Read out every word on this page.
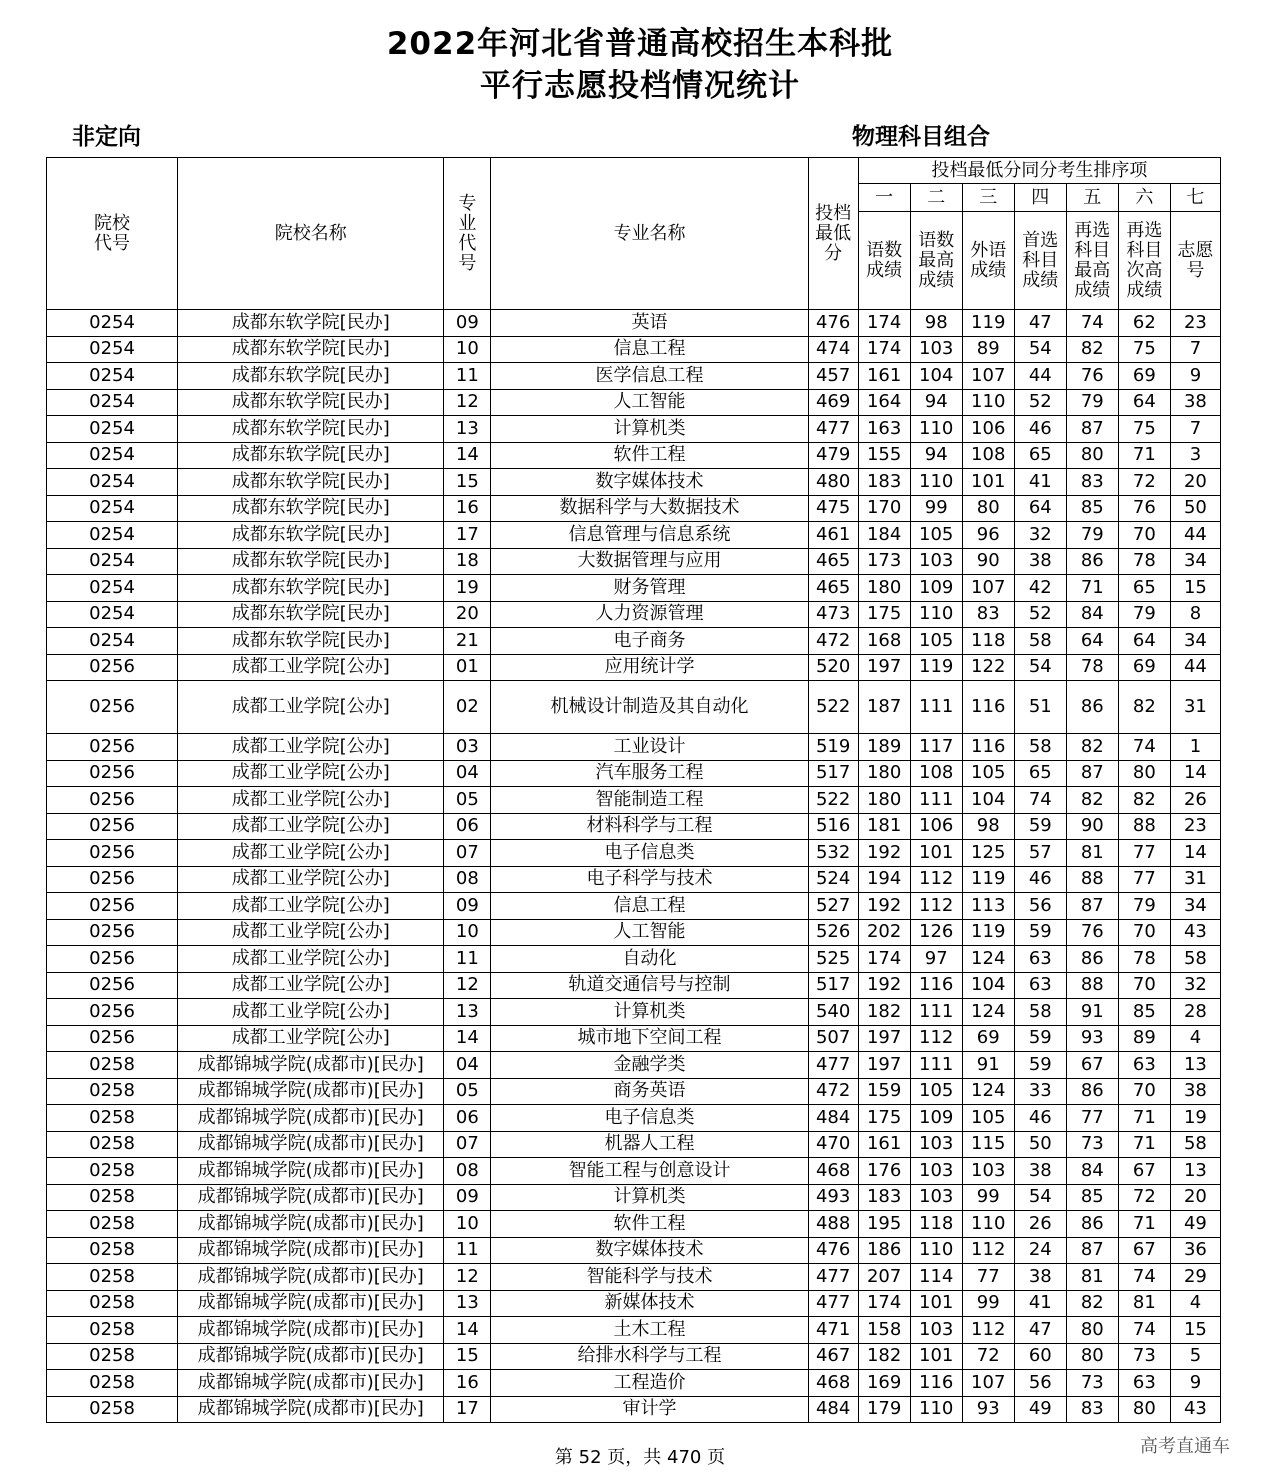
2022年河北省普通高校招生本科批
平行志愿投档情况统计
非定向	物理科目组合
院校代号	院校名称	专业代号	专业名称	投档最低分	投档最低分同分考生排序项						
					一	二	三	四	五	六	七
					语数成绩	语数最高成绩	外语成绩	首选科目成绩	再选科目最高成绩	再选科目次高成绩	志愿号
0254	成都东软学院[民办]	09	英语	476	174	98	119	47	74	62	23
0254	成都东软学院[民办]	10	信息工程	474	174	103	89	54	82	75	7
0254	成都东软学院[民办]	11	医学信息工程	457	161	104	107	44	76	69	9
0254	成都东软学院[民办]	12	人工智能	469	164	94	110	52	79	64	38
0254	成都东软学院[民办]	13	计算机类	477	163	110	106	46	87	75	7
0254	成都东软学院[民办]	14	软件工程	479	155	94	108	65	80	71	3
0254	成都东软学院[民办]	15	数字媒体技术	480	183	110	101	41	83	72	20
0254	成都东软学院[民办]	16	数据科学与大数据技术	475	170	99	80	64	85	76	50
0254	成都东软学院[民办]	17	信息管理与信息系统	461	184	105	96	32	79	70	44
0254	成都东软学院[民办]	18	大数据管理与应用	465	173	103	90	38	86	78	34
0254	成都东软学院[民办]	19	财务管理	465	180	109	107	42	71	65	15
0254	成都东软学院[民办]	20	人力资源管理	473	175	110	83	52	84	79	8
0254	成都东软学院[民办]	21	电子商务	472	168	105	118	58	64	64	34
0256	成都工业学院[公办]	01	应用统计学	520	197	119	122	54	78	69	44
0256	成都工业学院[公办]	02	机械设计制造及其自动化	522	187	111	116	51	86	82	31
0256	成都工业学院[公办]	03	工业设计	519	189	117	116	58	82	74	1
0256	成都工业学院[公办]	04	汽车服务工程	517	180	108	105	65	87	80	14
0256	成都工业学院[公办]	05	智能制造工程	522	180	111	104	74	82	82	26
0256	成都工业学院[公办]	06	材料科学与工程	516	181	106	98	59	90	88	23
0256	成都工业学院[公办]	07	电子信息类	532	192	101	125	57	81	77	14
0256	成都工业学院[公办]	08	电子科学与技术	524	194	112	119	46	88	77	31
0256	成都工业学院[公办]	09	信息工程	527	192	112	113	56	87	79	34
0256	成都工业学院[公办]	10	人工智能	526	202	126	119	59	76	70	43
0256	成都工业学院[公办]	11	自动化	525	174	97	124	63	86	78	58
0256	成都工业学院[公办]	12	轨道交通信号与控制	517	192	116	104	63	88	70	32
0256	成都工业学院[公办]	13	计算机类	540	182	111	124	58	91	85	28
0256	成都工业学院[公办]	14	城市地下空间工程	507	197	112	69	59	93	89	4
0258	成都锦城学院(成都市)[民办]	04	金融学类	477	197	111	91	59	67	63	13
0258	成都锦城学院(成都市)[民办]	05	商务英语	472	159	105	124	33	86	70	38
0258	成都锦城学院(成都市)[民办]	06	电子信息类	484	175	109	105	46	77	71	19
0258	成都锦城学院(成都市)[民办]	07	机器人工程	470	161	103	115	50	73	71	58
0258	成都锦城学院(成都市)[民办]	08	智能工程与创意设计	468	176	103	103	38	84	67	13
0258	成都锦城学院(成都市)[民办]	09	计算机类	493	183	103	99	54	85	72	20
0258	成都锦城学院(成都市)[民办]	10	软件工程	488	195	118	110	26	86	71	49
0258	成都锦城学院(成都市)[民办]	11	数字媒体技术	476	186	110	112	24	87	67	36
0258	成都锦城学院(成都市)[民办]	12	智能科学与技术	477	207	114	77	38	81	74	29
0258	成都锦城学院(成都市)[民办]	13	新媒体技术	477	174	101	99	41	82	81	4
0258	成都锦城学院(成都市)[民办]	14	土木工程	471	158	103	112	47	80	74	15
0258	成都锦城学院(成都市)[民办]	15	给排水科学与工程	467	182	101	72	60	80	73	5
0258	成都锦城学院(成都市)[民办]	16	工程造价	468	169	116	107	56	73	63	9
0258	成都锦城学院(成都市)[民办]	17	审计学	484	179	110	93	49	83	80	43
第 52 页，共 470 页
高考直通车
